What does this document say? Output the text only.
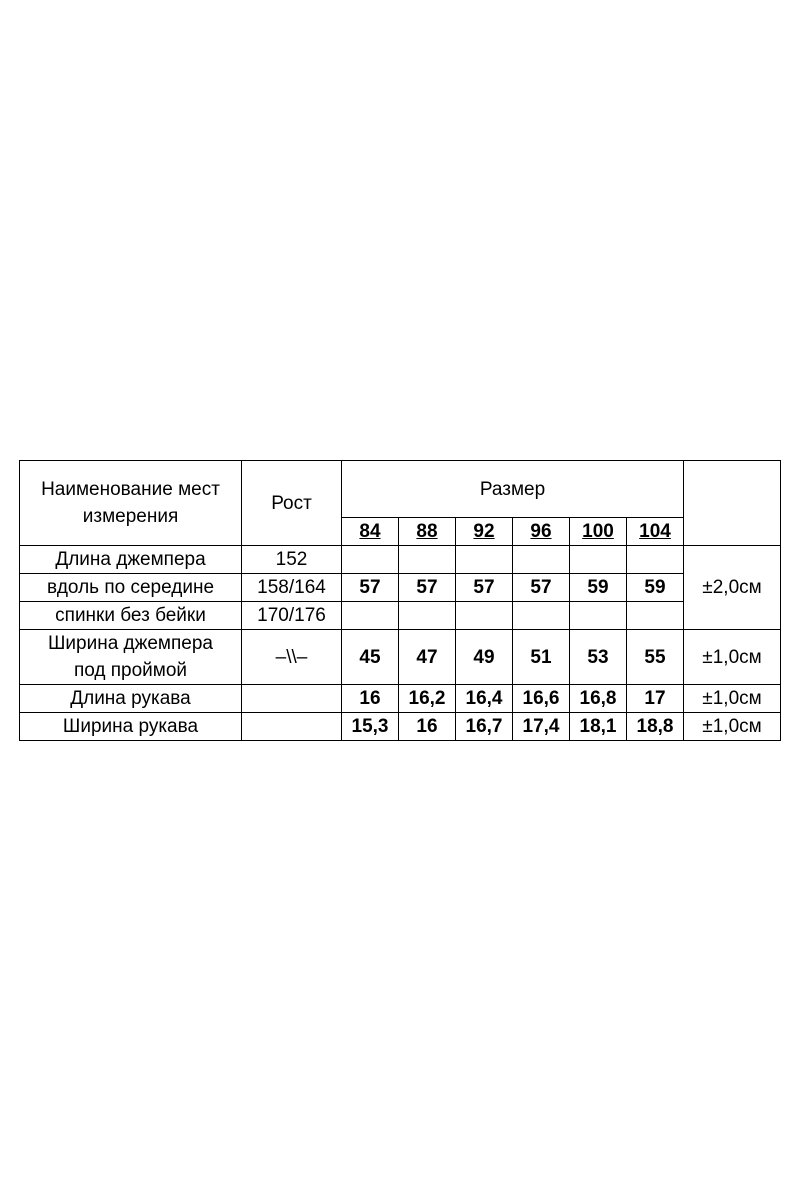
Наименование мест
измерения	Рост	Размер						
		84	88	92	96	100	104	
Длина джемпера	152							±2,0см
вдоль по середине	158/164	57	57	57	57	59	59	
спинки без бейки	170/176							

Ширина джемпера
под проймой	–\\–	45	47	49	51	53	55	±1,0см
Длина рукава		16	16,2	16,4	16,6	16,8	17	±1,0см
Ширина рукава		15,3	16	16,7	17,4	18,1	18,8	±1,0см
